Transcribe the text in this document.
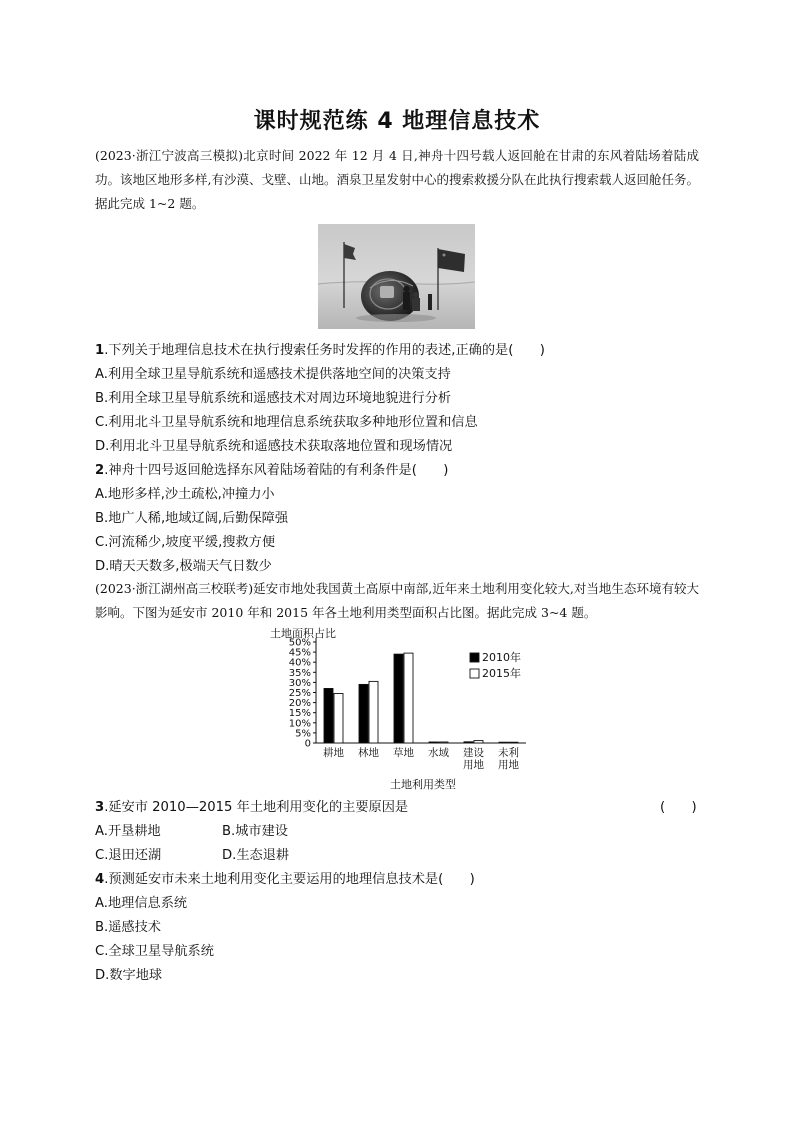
课时规范练 4 地理信息技术
(2023·浙江宁波高三模拟)北京时间 2022 年 12 月 4 日,神舟十四号载人返回舱在甘肃的东风着陆场着陆成功。该地区地形多样,有沙漠、戈壁、山地。酒泉卫星发射中心的搜索救援分队在此执行搜索载人返回舱任务。据此完成 1~2 题。
1.下列关于地理信息技术在执行搜索任务时发挥的作用的表述,正确的是(　　)
A.利用全球卫星导航系统和遥感技术提供落地空间的决策支持
B.利用全球卫星导航系统和遥感技术对周边环境地貌进行分析
C.利用北斗卫星导航系统和地理信息系统获取多种地形位置和信息
D.利用北斗卫星导航系统和遥感技术获取落地位置和现场情况
2.神舟十四号返回舱选择东风着陆场着陆的有利条件是(　　)
A.地形多样,沙土疏松,冲撞力小
B.地广人稀,地域辽阔,后勤保障强
C.河流稀少,坡度平缓,搜救方便
D.晴天天数多,极端天气日数少
(2023·浙江湖州高三校联考)延安市地处我国黄土高原中南部,近年来土地利用变化较大,对当地生态环境有较大影响。下图为延安市 2010 年和 2015 年各土地利用类型面积占比图。据此完成 3~4 题。
土地面积占比
土地利用类型
0
5%
10%
15%
20%
25%
30%
35%
40%
45%
50%
耕地 林地 草地 水域 建设
用地
未利
用地
2010年
2015年
3.延安市 2010—2015 年土地利用变化的主要原因是	(　　)
A.开垦耕地	B.城市建设
C.退田还湖	D.生态退耕
4.预测延安市未来土地利用变化主要运用的地理信息技术是(　　)
A.地理信息系统
B.遥感技术
C.全球卫星导航系统
D.数字地球
